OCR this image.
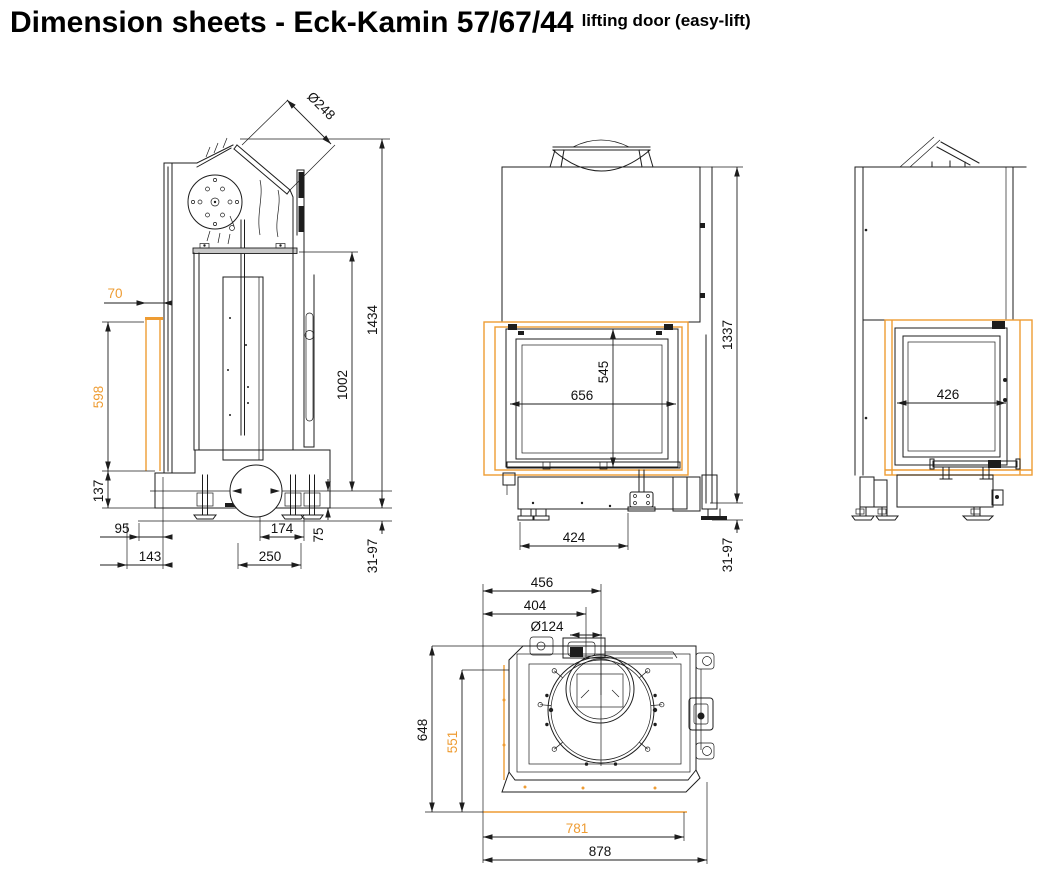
Dimension sheets - Eck-Kamin 57/67/44 lifting door (easy-lift)
Ø248
1434
1002
70
598
137
95
143
174
250
75
31-97
545
656
1337
424
31-97
426
456
404
Ø124
648
551
781
878
